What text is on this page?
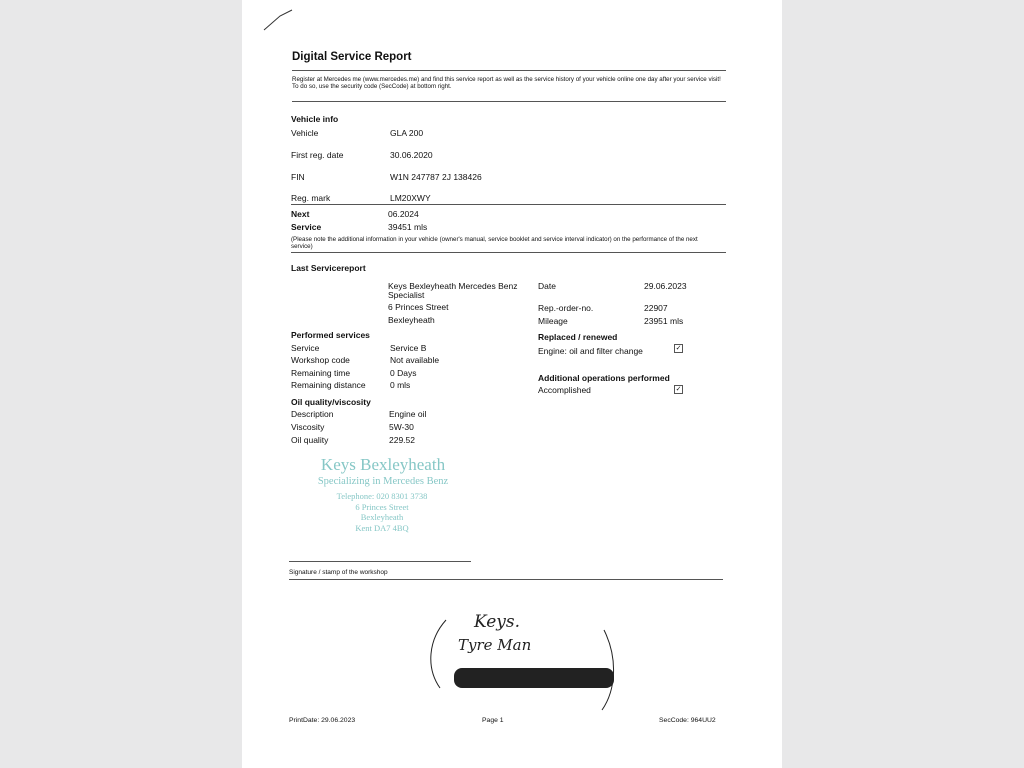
Digital Service Report
Register at Mercedes me (www.mercedes.me) and find this service report as well as the service history of your vehicle online one day after your service visit! To do so, use the security code (SecCode) at bottom right.
Vehicle info
Vehicle	GLA 200
First reg. date	30.06.2020
FIN	W1N 247787 2J 138426
Reg. mark	LM20XWY
Next	06.2024
Service	39451 mls
(Please note the additional information in your vehicle (owner's manual, service booklet and service interval indicator) on the performance of the next service)
Last Servicereport
Keys Bexleyheath Mercedes Benz
Specialist
6 Princes Street
Bexleyheath
Date	29.06.2023
Rep.-order-no.	22907
Mileage	23951 mls
Performed services
Service	Service B
Workshop code	Not available
Remaining time	0 Days
Remaining distance	0 mls
Replaced / renewed
Engine: oil and filter change	✓
Additional operations performed
Accomplished	✓
Oil quality/viscosity
Description	Engine oil
Viscosity	5W-30
Oil quality	229.52
Keys Bexleyheath
Specializing in Mercedes Benz
Telephone: 020 8301 3738
6 Princes Street
Bexleyheath
Kent DA7 4BQ
Signature / stamp of the workshop
Keys.
Tyre Man
PrintDate: 29.06.2023	Page 1	SecCode: 964UU2
